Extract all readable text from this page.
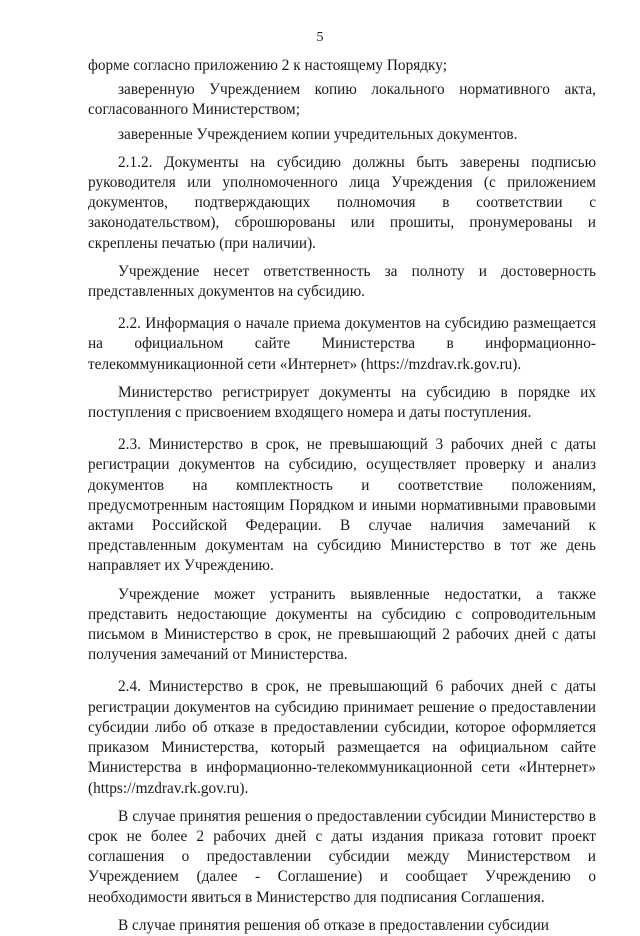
5

форме согласно приложению 2 к настоящему Порядку;

заверенную Учреждением копию локального нормативного акта, согласованного Министерством;

заверенные Учреждением копии учредительных документов.

2.1.2. Документы на субсидию должны быть заверены подписью руководителя или уполномоченного лица Учреждения (с приложением документов, подтверждающих полномочия в соответствии с законодательством), сброшюрованы или прошиты, пронумерованы и скреплены печатью (при наличии).

Учреждение несет ответственность за полноту и достоверность представленных документов на субсидию.

2.2. Информация о начале приема документов на субсидию размещается на официальном сайте Министерства в информационно-телекоммуникационной сети «Интернет» (https://mzdrav.rk.gov.ru).

Министерство регистрирует документы на субсидию в порядке их поступления с присвоением входящего номера и даты поступления.

2.3. Министерство в срок, не превышающий 3 рабочих дней с даты регистрации документов на субсидию, осуществляет проверку и анализ документов на комплектность и соответствие положениям, предусмотренным настоящим Порядком и иными нормативными правовыми актами Российской Федерации. В случае наличия замечаний к представленным документам на субсидию Министерство в тот же день направляет их Учреждению.

Учреждение может устранить выявленные недостатки, а также представить недостающие документы на субсидию с сопроводительным письмом в Министерство в срок, не превышающий 2 рабочих дней с даты получения замечаний от Министерства.

2.4. Министерство в срок, не превышающий 6 рабочих дней с даты регистрации документов на субсидию принимает решение о предоставлении субсидии либо об отказе в предоставлении субсидии, которое оформляется приказом Министерства, который размещается на официальном сайте Министерства в информационно-телекоммуникационной сети «Интернет» (https://mzdrav.rk.gov.ru).

В случае принятия решения о предоставлении субсидии Министерство в срок не более 2 рабочих дней с даты издания приказа готовит проект соглашения о предоставлении субсидии между Министерством и Учреждением (далее - Соглашение) и сообщает Учреждению о необходимости явиться в Министерство для подписания Соглашения.

В случае принятия решения об отказе в предоставлении субсидии
